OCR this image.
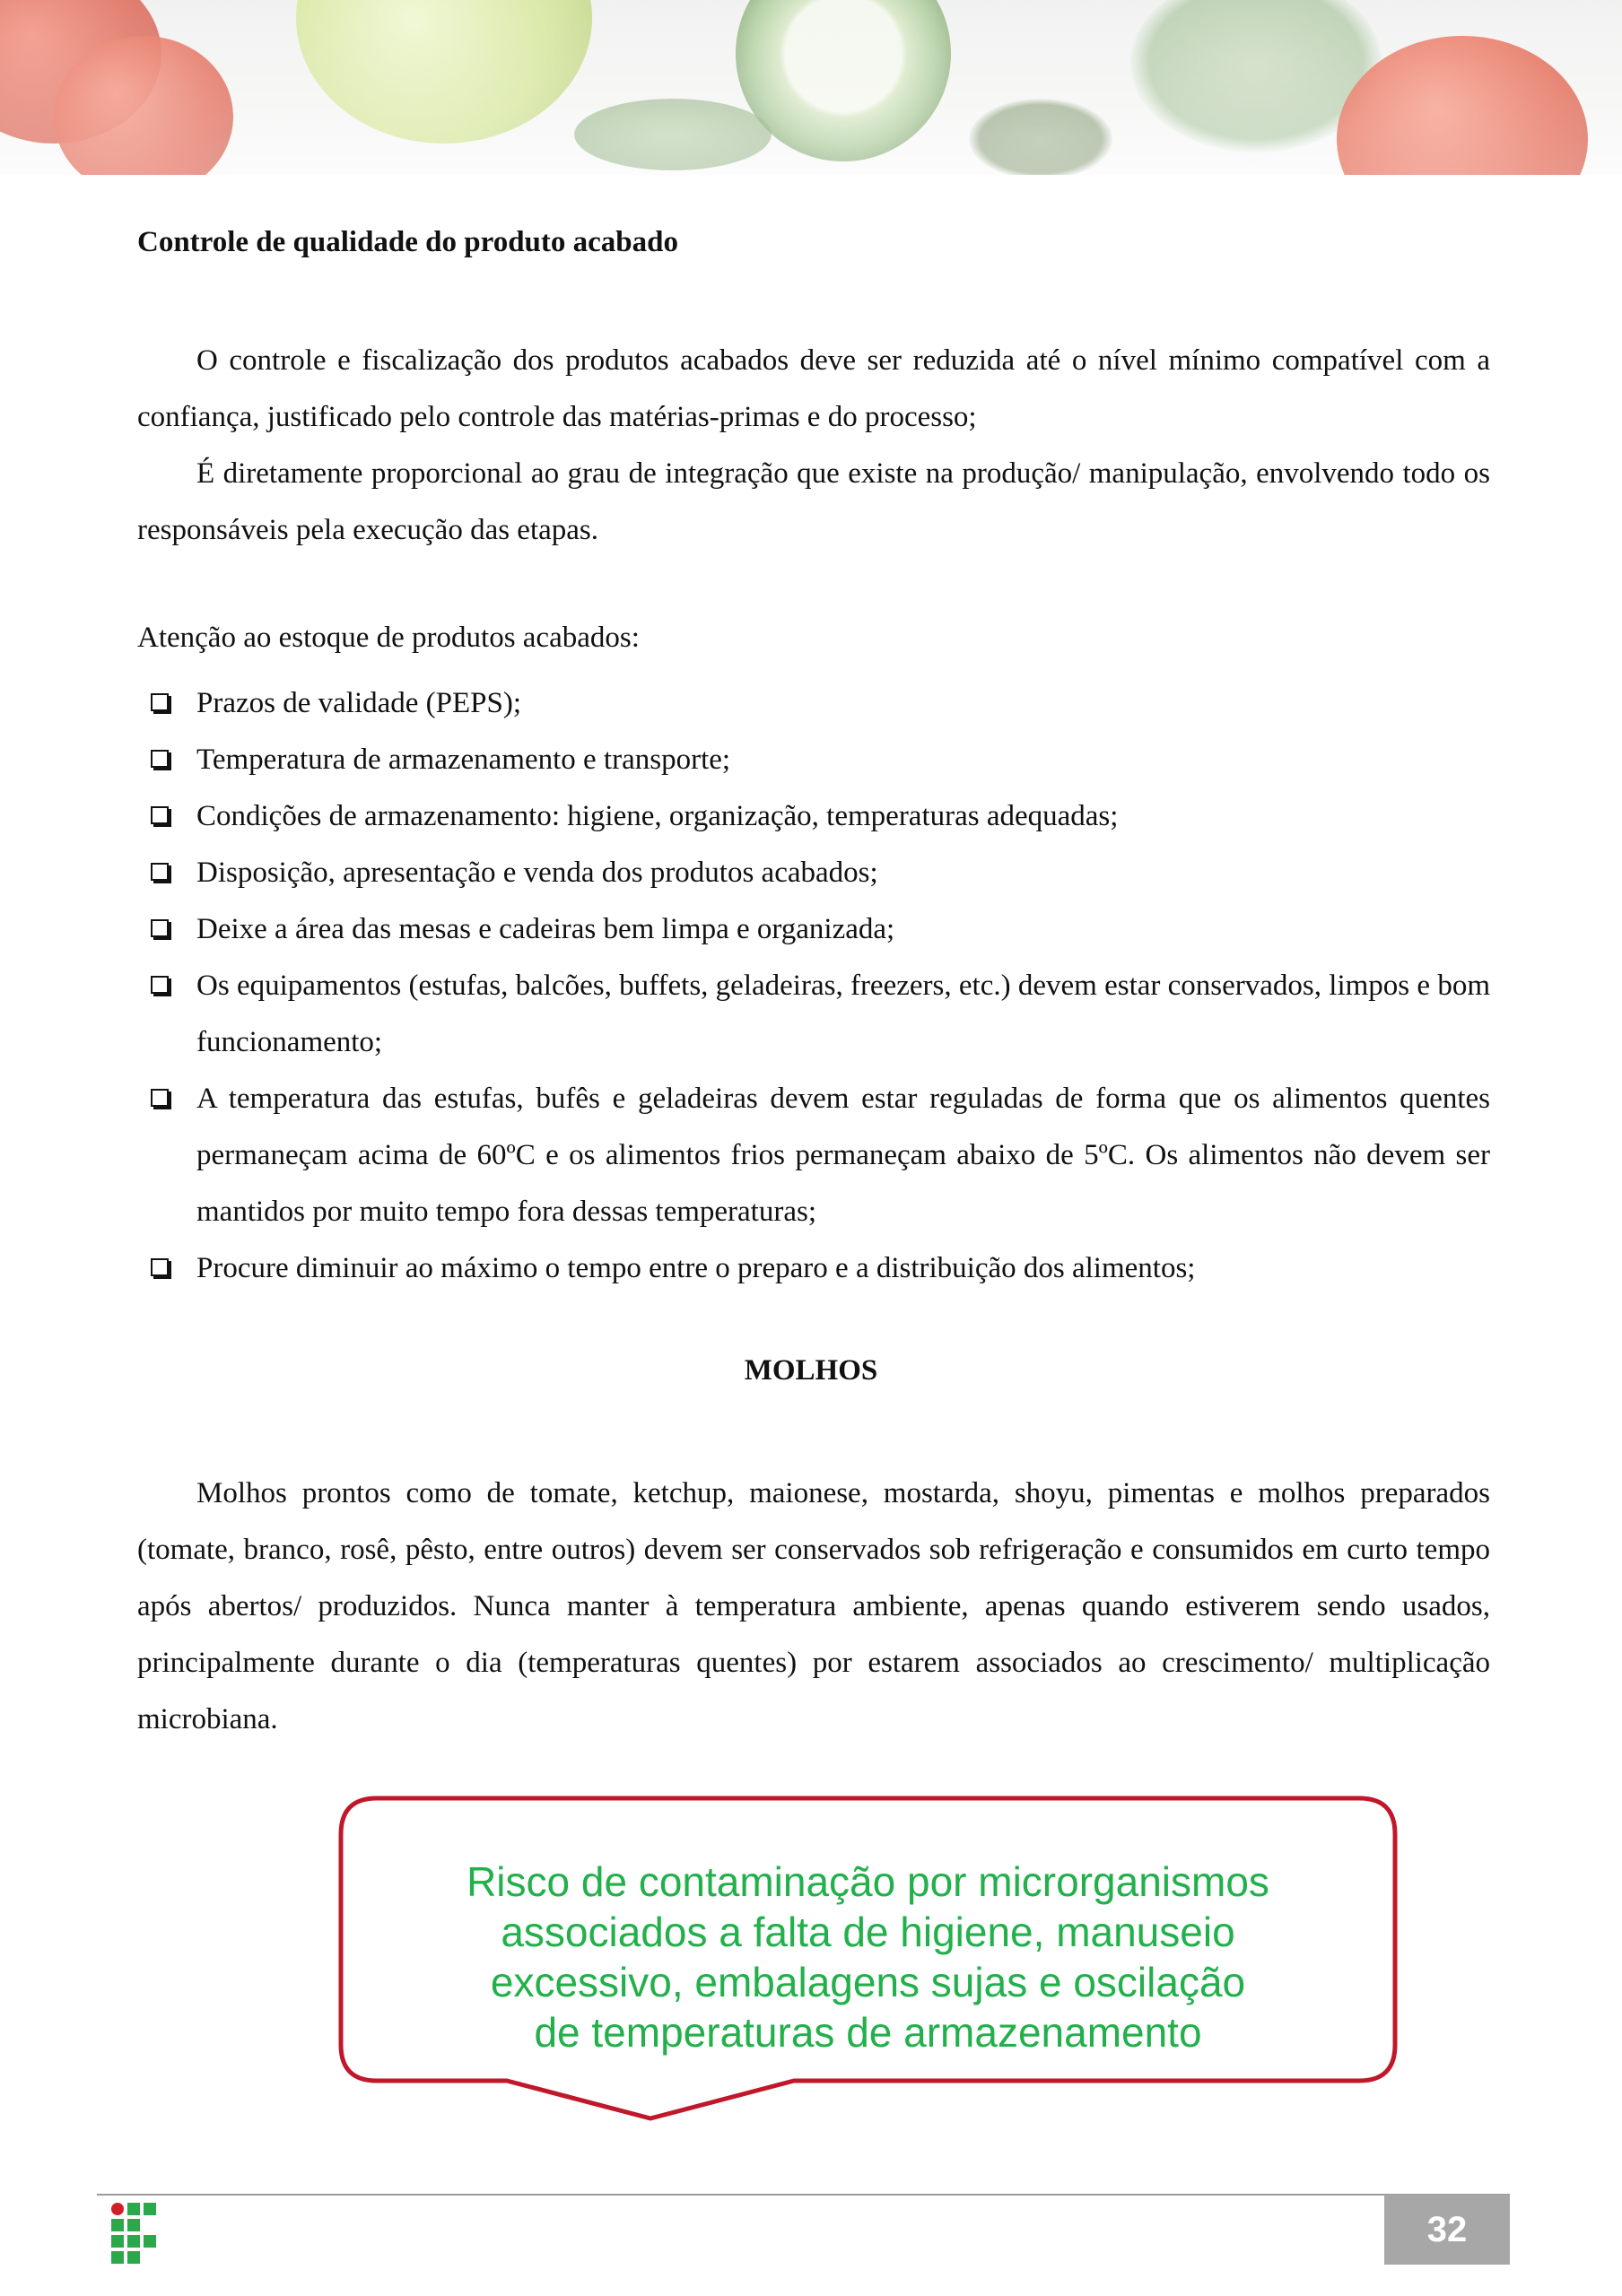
Controle de qualidade do produto acabado

O controle e fiscalização dos produtos acabados deve ser reduzida até o nível mínimo compatível com a confiança, justificado pelo controle das matérias-primas e do processo;

É diretamente proporcional ao grau de integração que existe na produção/ manipulação, envolvendo todo os responsáveis pela execução das etapas.

Atenção ao estoque de produtos acabados:
Prazos de validade (PEPS);
Temperatura de armazenamento e transporte;
Condições de armazenamento: higiene, organização, temperaturas adequadas;
Disposição, apresentação e venda dos produtos acabados;
Deixe a área das mesas e cadeiras bem limpa e organizada;
Os equipamentos (estufas, balcões, buffets, geladeiras, freezers, etc.) devem estar conservados, limpos e bom funcionamento;
A temperatura das estufas, bufês e geladeiras devem estar reguladas de forma que os alimentos quentes permaneçam acima de 60ºC e os alimentos frios permaneçam abaixo de 5ºC. Os alimentos não devem ser mantidos por muito tempo fora dessas temperaturas;
Procure diminuir ao máximo o tempo entre o preparo e a distribuição dos alimentos;
MOLHOS

Molhos prontos como de tomate, ketchup, maionese, mostarda, shoyu, pimentas e molhos preparados (tomate, branco, rosê, pêsto, entre outros) devem ser conservados sob refrigeração e consumidos em curto tempo após abertos/ produzidos. Nunca manter à temperatura ambiente, apenas quando estiverem sendo usados, principalmente durante o dia (temperaturas quentes) por estarem associados ao crescimento/ multiplicação microbiana.

Risco de contaminação por microrganismos
associados a falta de higiene, manuseio
excessivo, embalagens sujas e oscilação
de temperaturas de armazenamento
32
